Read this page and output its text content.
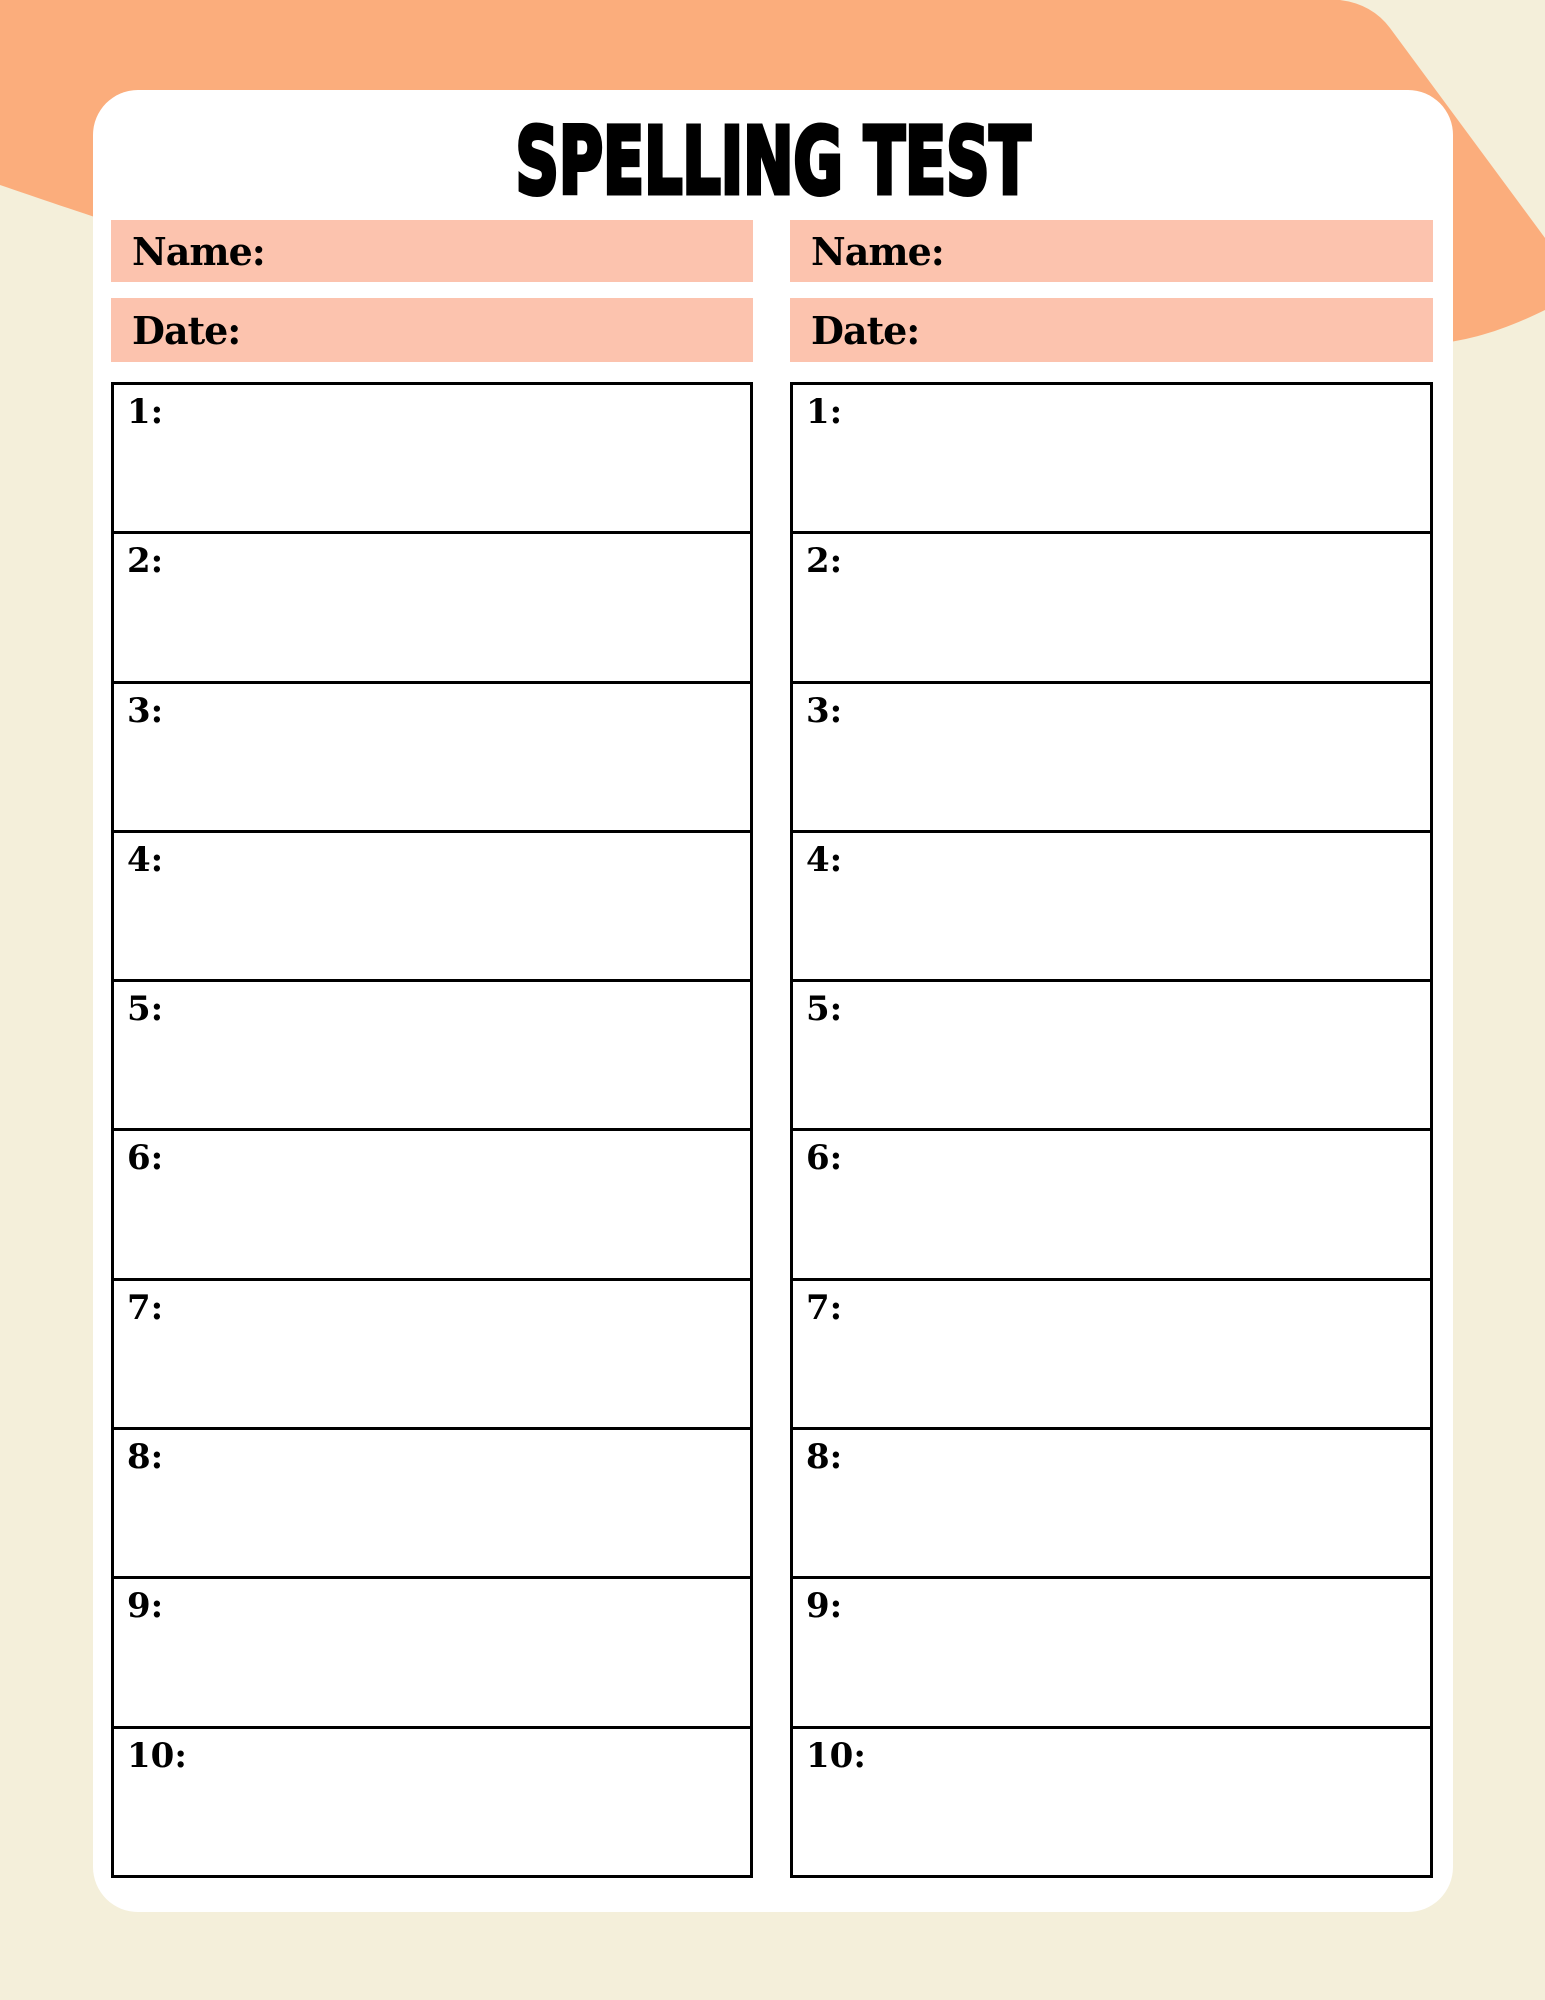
SPELLING TEST
Name:
Date:
1:
2:
3:
4:
5:
6:
7:
8:
9:
10:
Name:
Date:
1:
2:
3:
4:
5:
6:
7:
8:
9:
10:
